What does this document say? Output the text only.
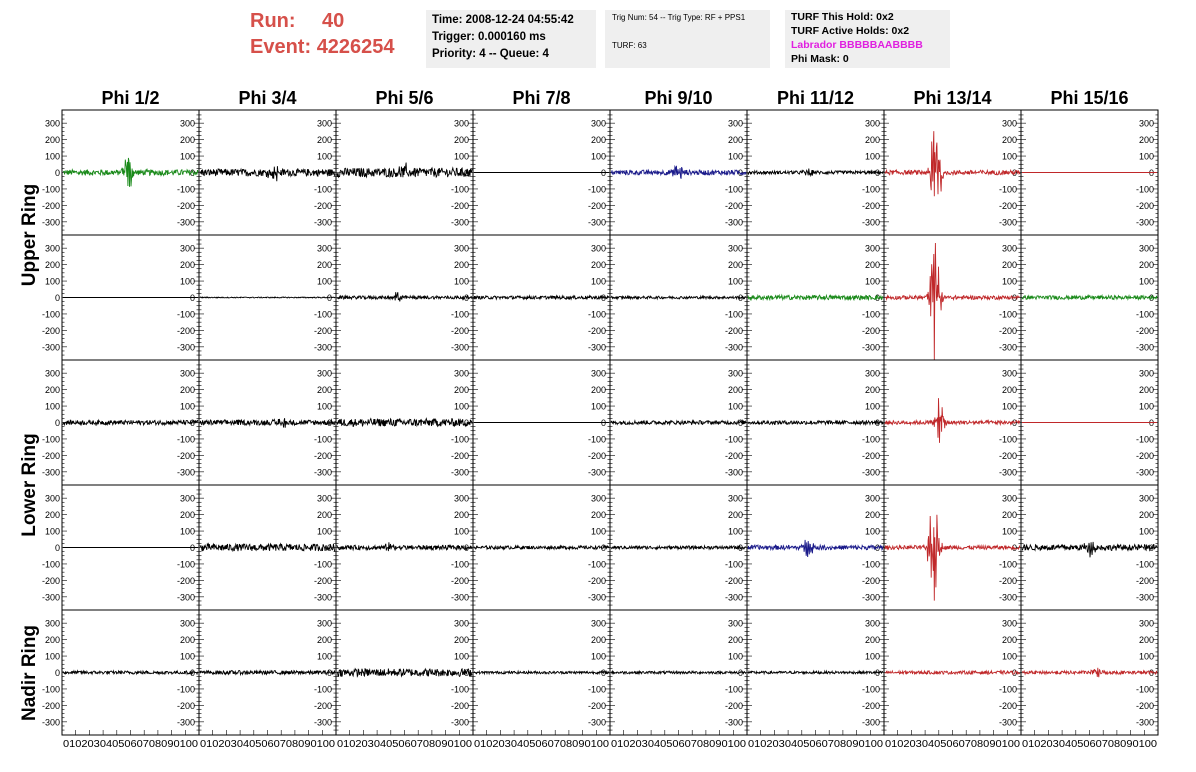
Run: 40
Event: 4226254
Time: 2008-12-24 04:55:42
Trigger: 0.000160 ms
Priority: 4 -- Queue: 4
Trig Num: 54 -- Trig Type: RF + PPS1
TURF: 63
TURF This Hold: 0x2
TURF Active Holds: 0x2
Labrador BBBBBAABBBB
Phi Mask: 0
Phi 1/2	Phi 3/4	Phi 5/6	Phi 7/8	Phi 9/10	Phi 11/12	Phi 13/14	Phi 15/16
Upper Ring
Lower Ring
Nadir Ring
-300
-300
-200
-200
-100
-100
0
0
100
100
200
200
300
300
-300
-200
-100
0
100
200
300
-300
-200
-100
0
100
200
300
-300
-200
-100
0
100
200
300
-300
-200
-100
0
100
200
300
-300
-200
-100
0
100
200
300
-300
-200
-100
0
100
200
300
-300
-200
-100
0
100
200
300
-300
-300
-200
-200
-100
-100
0
0
100
100
200
200
300
300
-300
-200
-100
0
100
200
300
-300
-200
-100
0
100
200
300
-300
-200
-100
0
100
200
300
-300
-200
-100
0
100
200
300
-300
-200
-100
0
100
200
300
-300
-200
-100
0
100
200
300
-300
-200
-100
0
100
200
300
-300
-300
-200
-200
-100
-100
0
0
100
100
200
200
300
300
-300
-200
-100
0
100
200
300
-300
-200
-100
0
100
200
300
-300
-200
-100
0
100
200
300
-300
-200
-100
0
100
200
300
-300
-200
-100
0
100
200
300
-300
-200
-100
0
100
200
300
-300
-200
-100
0
100
200
300
-300
-300
-200
-200
-100
-100
0
0
100
100
200
200
300
300
-300
-200
-100
0
100
200
300
-300
-200
-100
0
100
200
300
-300
-200
-100
0
100
200
300
-300
-200
-100
0
100
200
300
-300
-200
-100
0
100
200
300
-300
-200
-100
0
100
200
300
-300
-200
-100
0
100
200
300
-300
-300
-200
-200
-100
-100
0
0
100
100
200
200
300
300
0102030405060708090100
-300
-200
-100
0
100
200
300
0102030405060708090100
-300
-200
-100
0
100
200
300
0102030405060708090100
-300
-200
-100
0
100
200
300
0102030405060708090100
-300
-200
-100
0
100
200
300
0102030405060708090100
-300
-200
-100
0
100
200
300
0102030405060708090100
-300
-200
-100
0
100
200
300
0102030405060708090100
-300
-200
-100
0
100
200
300
0102030405060708090100
